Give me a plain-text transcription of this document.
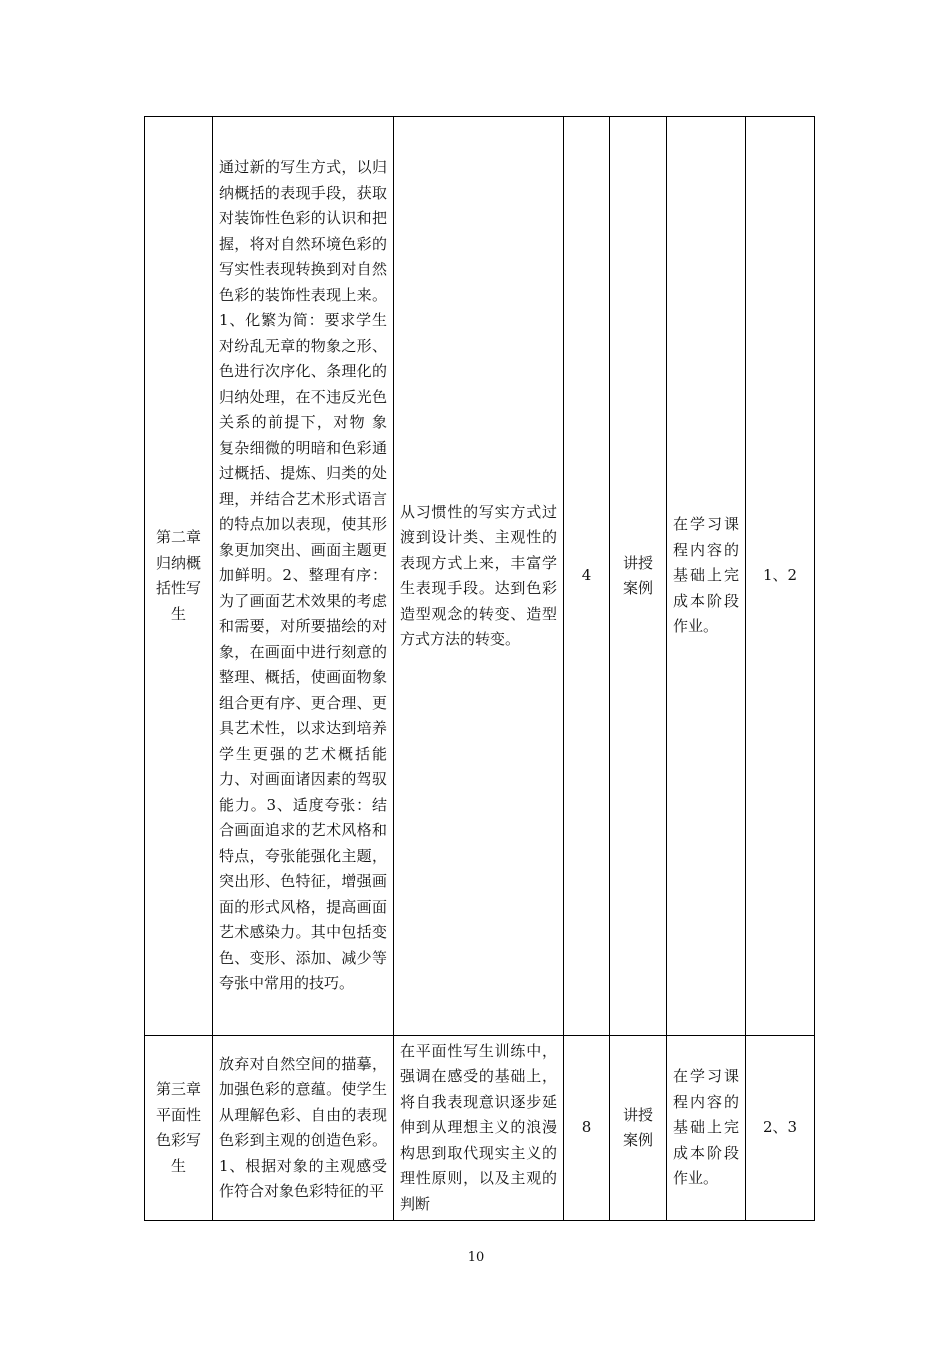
第二章归纳概括性写生	通过新的写生方式，以归纳概括的表现手段，获取对装饰性色彩的认识和把握，将对自然环境色彩的写实性表现转换到对自然色彩的装饰性表现上来。1、化繁为简：要求学生对纷乱无章的物象之形、色进行次序化、条理化的归纳处理，在不违反光色关系的前提下，对物 象复杂细微的明暗和色彩通过概括、提炼、归类的处理，并结合艺术形式语言的特点加以表现，使其形象更加突出、画面主题更加鲜明。2、整理有序：为了画面艺术效果的考虑和需要，对所要描绘的对象，在画面中进行刻意的整理、概括，使画面物象组合更有序、更合理、更具艺术性，以求达到培养学生更强的艺术概括能力、对画面诸因素的驾驭能力。3、适度夸张：结合画面追求的艺术风格和特点，夸张能强化主题，突出形、色特征，增强画面的形式风格，提高画面艺术感染力。其中包括变色、变形、添加、减少等夸张中常用的技巧。	从习惯性的写实方式过渡到设计类、主观性的表现方式上来，丰富学生表现手段。达到色彩造型观念的转变、造型方式方法的转变。	4	讲授案例	在学习课程内容的基础上完成本阶段作业。	1、2
第三章平面性色彩写生	放弃对自然空间的描摹，加强色彩的意蕴。使学生从理解色彩、自由的表现色彩到主观的创造色彩。1、根据对象的主观感受作符合对象色彩特征的平	在平面性写生训练中，强调在感受的基础上，将自我表现意识逐步延伸到从理想主义的浪漫构思到取代现实主义的理性原则，以及主观的判断	8	讲授案例	在学习课程内容的基础上完成本阶段作业。	2、3
10
